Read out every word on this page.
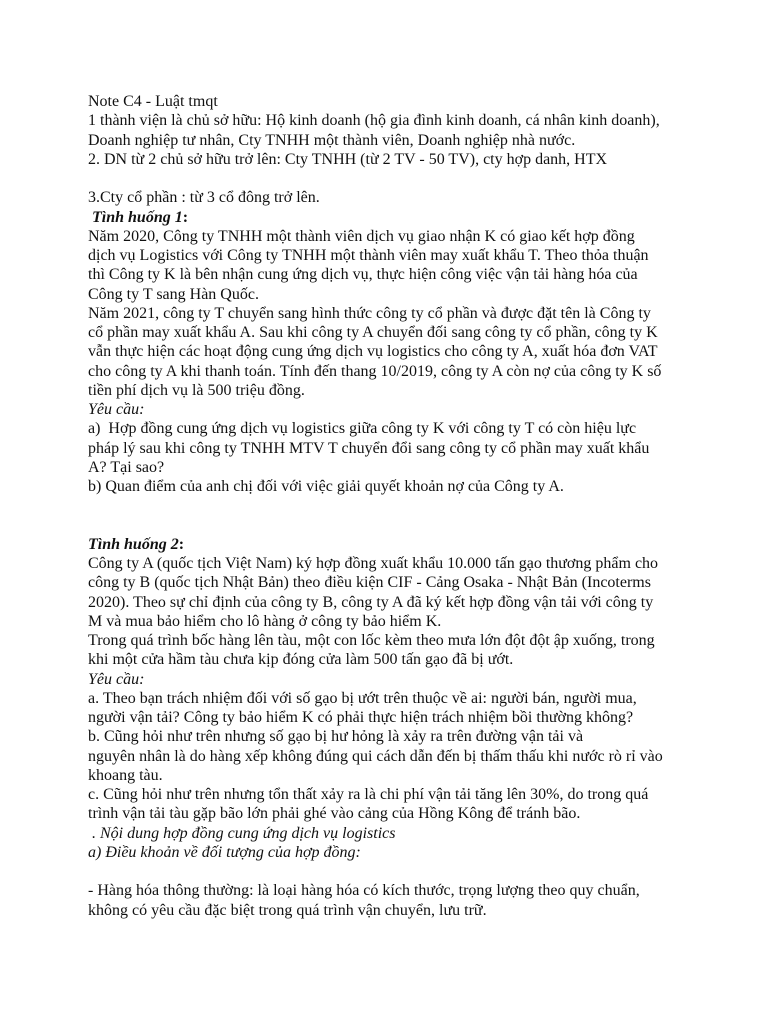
Note C4 - Luật tmqt
1 thành viện là chủ sở hữu: Hộ kinh doanh (hộ gia đình kinh doanh, cá nhân kinh doanh),
Doanh nghiệp tư nhân, Cty TNHH một thành viên, Doanh nghiệp nhà nước.
2. DN từ 2 chủ sở hữu trở lên: Cty TNHH (từ 2 TV - 50 TV), cty hợp danh, HTX
3.Cty cổ phần : từ 3 cổ đông trở lên.
Tình huống 1:
Năm 2020, Công ty TNHH một thành viên dịch vụ giao nhận K có giao kết hợp đồng
dịch vụ Logistics với Công ty TNHH một thành viên may xuất khẩu T. Theo thỏa thuận
thì Công ty K là bên nhận cung ứng dịch vụ, thực hiện công việc vận tải hàng hóa của
Công ty T sang Hàn Quốc.
Năm 2021, công ty T chuyển sang hình thức công ty cổ phần và được đặt tên là Công ty
cổ phần may xuất khẩu A. Sau khi công ty A chuyển đối sang công ty cổ phần, công ty K
vẫn thực hiện các hoạt động cung ứng dịch vụ logistics cho công ty A, xuất hóa đơn VAT
cho công ty A khi thanh toán. Tính đến thang 10/2019, công ty A còn nợ của công ty K số
tiền phí dịch vụ là 500 triệu đồng.
Yêu cầu:
a)  Hợp đồng cung ứng dịch vụ logistics giữa công ty K với công ty T có còn hiệu lực
pháp lý sau khi công ty TNHH MTV T chuyển đổi sang công ty cổ phần may xuất khẩu
A? Tại sao?
b) Quan điểm của anh chị đối với việc giải quyết khoản nợ của Công ty A.
Tình huống 2:
Công ty A (quốc tịch Việt Nam) ký hợp đồng xuất khẩu 10.000 tấn gạo thương phẩm cho
công ty B (quốc tịch Nhật Bản) theo điều kiện CIF - Cảng Osaka - Nhật Bản (Incoterms
2020). Theo sự chỉ định của công ty B, công ty A đã ký kết hợp đồng vận tải với công ty
M và mua bảo hiểm cho lô hàng ở công ty bảo hiểm K.
Trong quá trình bốc hàng lên tàu, một con lốc kèm theo mưa lớn đột đột ập xuống, trong
khi một cửa hầm tàu chưa kịp đóng cửa làm 500 tấn gạo đã bị ướt.
Yêu cầu:
a. Theo bạn trách nhiệm đối với số gạo bị ướt trên thuộc về ai: người bán, người mua,
người vận tải? Công ty bảo hiểm K có phải thực hiện trách nhiệm bồi thường không?
b. Cũng hỏi như trên nhưng số gạo bị hư hỏng là xảy ra trên đường vận tải và
nguyên nhân là do hàng xếp không đúng qui cách dẫn đến bị thấm thấu khi nước rò rỉ vào
khoang tàu.
c. Cũng hỏi như trên nhưng tổn thất xảy ra là chi phí vận tải tăng lên 30%, do trong quá
trình vận tải tàu gặp bão lớn phải ghé vào cảng của Hồng Kông để tránh bão.
. Nội dung hợp đồng cung ứng dịch vụ logistics
a) Điều khoản về đối tượng của hợp đồng:
- Hàng hóa thông thường: là loại hàng hóa có kích thước, trọng lượng theo quy chuẩn,
không có yêu cầu đặc biệt trong quá trình vận chuyển, lưu trữ.
